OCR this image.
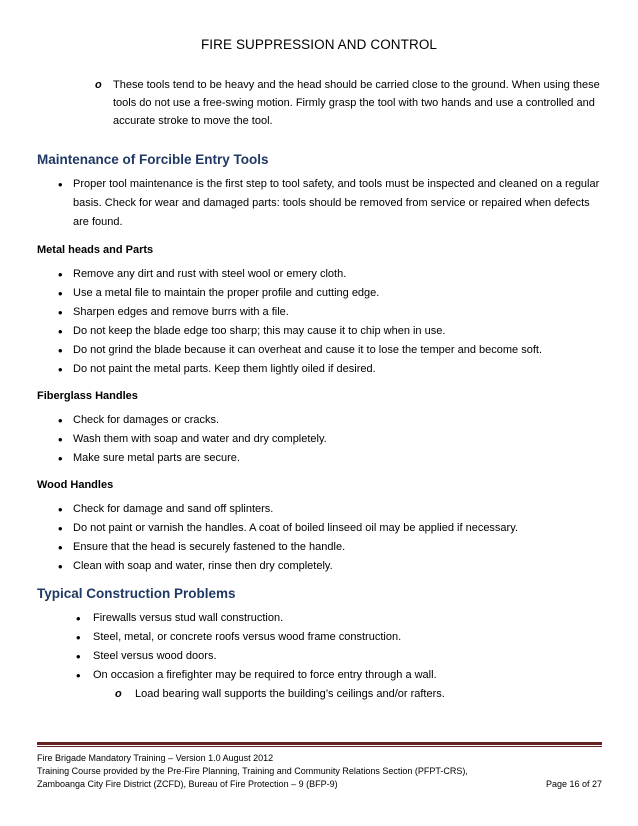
FIRE SUPPRESSION AND CONTROL
o These tools tend to be heavy and the head should be carried close to the ground. When using these tools do not use a free-swing motion. Firmly grasp the tool with two hands and use a controlled and accurate stroke to move the tool.
Maintenance of Forcible Entry Tools
• Proper tool maintenance is the first step to tool safety, and tools must be inspected and cleaned on a regular basis. Check for wear and damaged parts: tools should be removed from service or repaired when defects are found.
Metal heads and Parts
• Remove any dirt and rust with steel wool or emery cloth.
• Use a metal file to maintain the proper profile and cutting edge.
• Sharpen edges and remove burrs with a file.
• Do not keep the blade edge too sharp; this may cause it to chip when in use.
• Do not grind the blade because it can overheat and cause it to lose the temper and become soft.
• Do not paint the metal parts. Keep them lightly oiled if desired.
Fiberglass Handles
• Check for damages or cracks.
• Wash them with soap and water and dry completely.
• Make sure metal parts are secure.
Wood Handles
• Check for damage and sand off splinters.
• Do not paint or varnish the handles. A coat of boiled linseed oil may be applied if necessary.
• Ensure that the head is securely fastened to the handle.
• Clean with soap and water, rinse then dry completely.
Typical Construction Problems
• Firewalls versus stud wall construction.
• Steel, metal, or concrete roofs versus wood frame construction.
• Steel versus wood doors.
• On occasion a firefighter may be required to force entry through a wall.
o Load bearing wall supports the building’s ceilings and/or rafters.
Fire Brigade Mandatory Training – Version 1.0 August 2012
Training Course provided by the Pre-Fire Planning, Training and Community Relations Section (PFPT-CRS),
Zamboanga City Fire District (ZCFD), Bureau of Fire Protection – 9 (BFP-9)	Page 16 of 27
